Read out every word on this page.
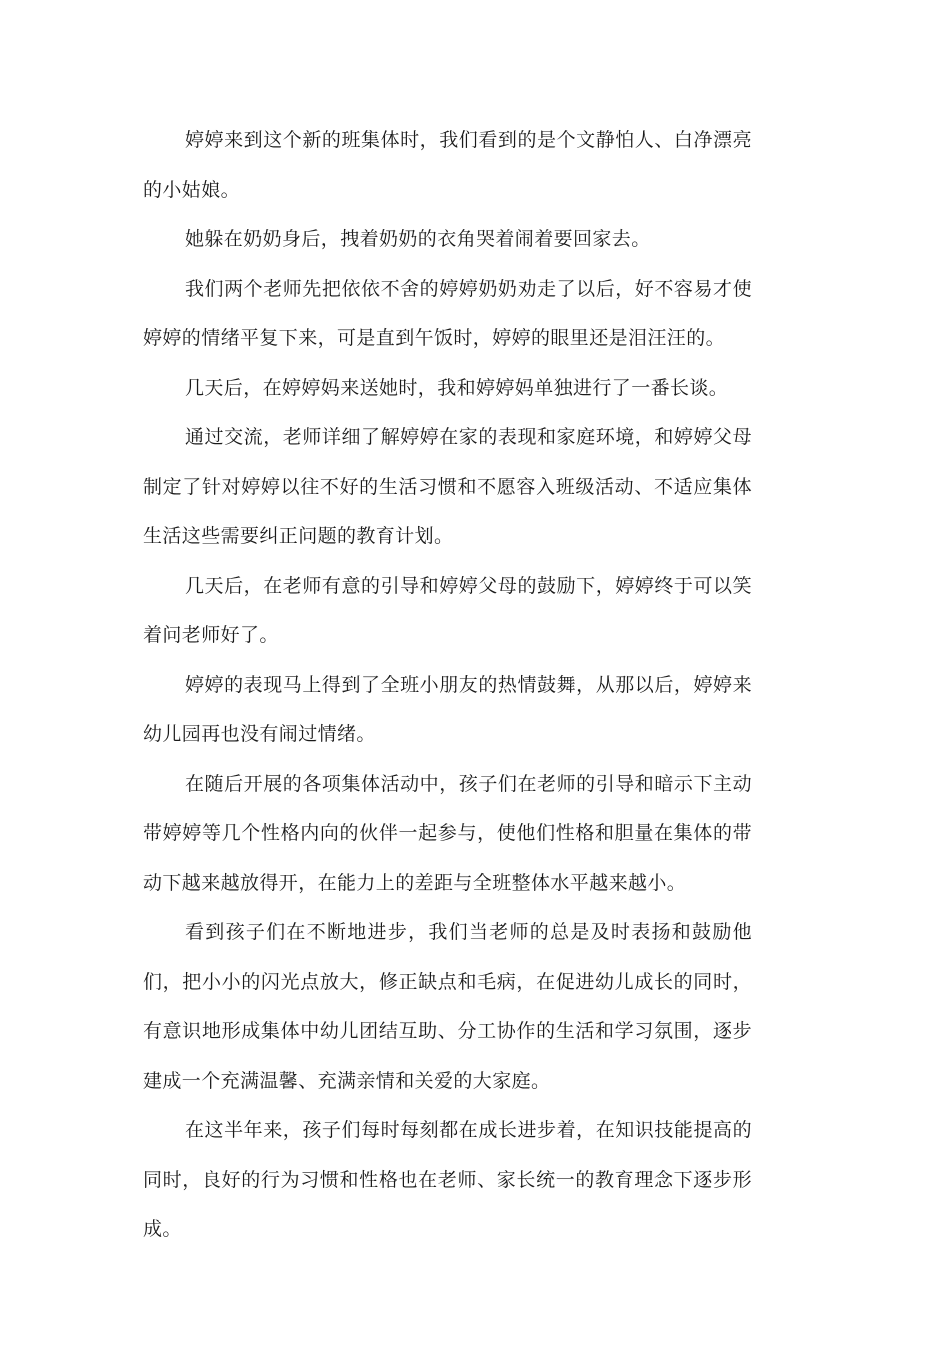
婷婷来到这个新的班集体时，我们看到的是个文静怕人、白净漂亮的小姑娘。

她躲在奶奶身后，拽着奶奶的衣角哭着闹着要回家去。

我们两个老师先把依依不舍的婷婷奶奶劝走了以后，好不容易才使婷婷的情绪平复下来，可是直到午饭时，婷婷的眼里还是泪汪汪的。

几天后，在婷婷妈来送她时，我和婷婷妈单独进行了一番长谈。

通过交流，老师详细了解婷婷在家的表现和家庭环境，和婷婷父母制定了针对婷婷以往不好的生活习惯和不愿容入班级活动、不适应集体生活这些需要纠正问题的教育计划。

几天后，在老师有意的引导和婷婷父母的鼓励下，婷婷终于可以笑着问老师好了。

婷婷的表现马上得到了全班小朋友的热情鼓舞，从那以后，婷婷来幼儿园再也没有闹过情绪。

在随后开展的各项集体活动中，孩子们在老师的引导和暗示下主动带婷婷等几个性格内向的伙伴一起参与，使他们性格和胆量在集体的带动下越来越放得开，在能力上的差距与全班整体水平越来越小。

看到孩子们在不断地进步，我们当老师的总是及时表扬和鼓励他们，把小小的闪光点放大，修正缺点和毛病，在促进幼儿成长的同时，有意识地形成集体中幼儿团结互助、分工协作的生活和学习氛围，逐步建成一个充满温馨、充满亲情和关爱的大家庭。

在这半年来，孩子们每时每刻都在成长进步着，在知识技能提高的同时，良好的行为习惯和性格也在老师、家长统一的教育理念下逐步形成。
